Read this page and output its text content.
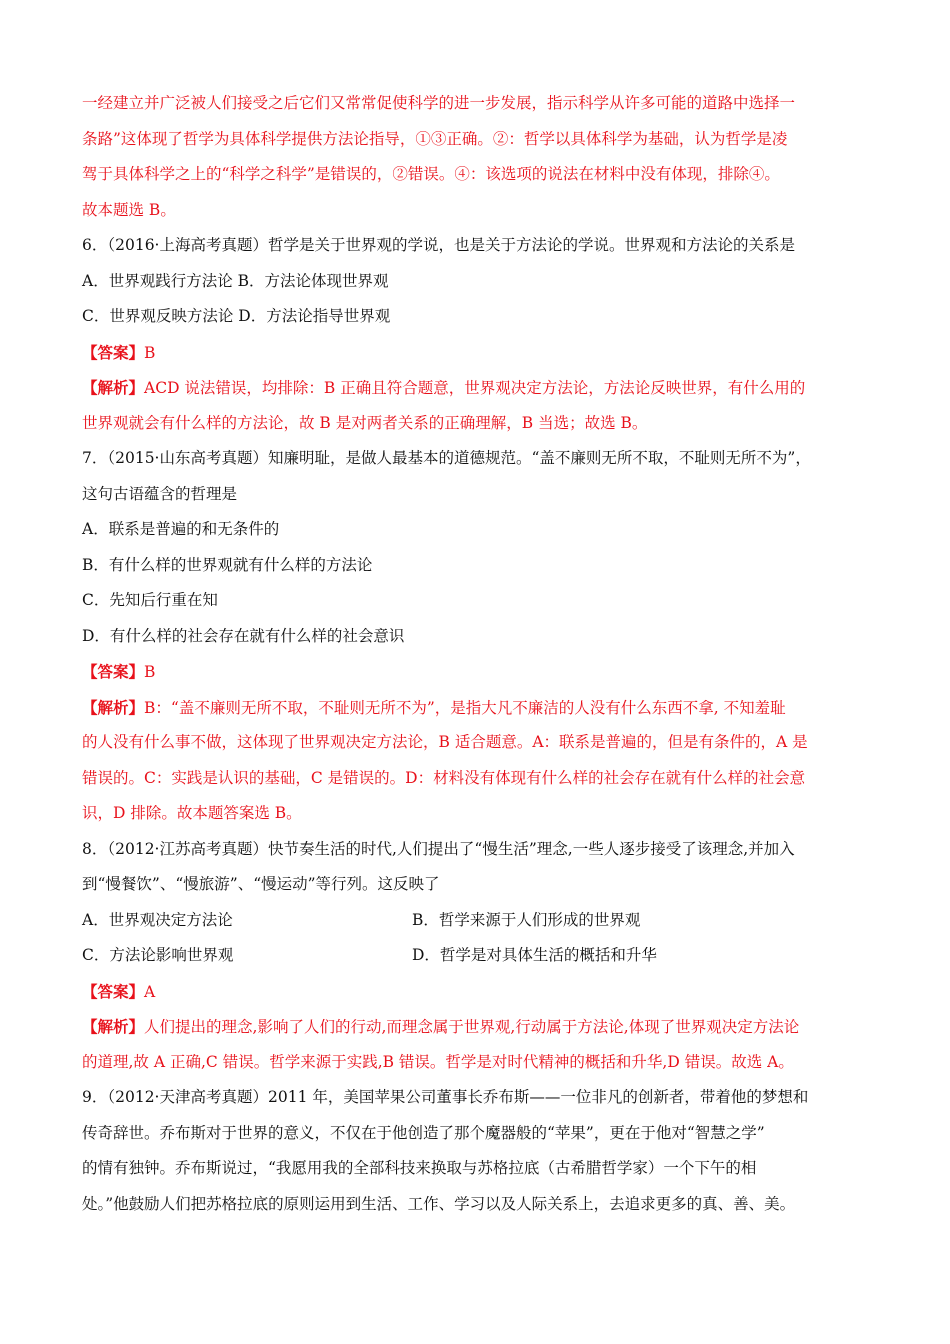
一经建立并广泛被人们接受之后它们又常常促使科学的进一步发展，指示科学从许多可能的道路中选择一
条路”这体现了哲学为具体科学提供方法论指导，①③正确。②：哲学以具体科学为基础，认为哲学是凌
驾于具体科学之上的“科学之科学”是错误的，②错误。④：该选项的说法在材料中没有体现，排除④。
故本题选 B。
6．（2016·上海高考真题）哲学是关于世界观的学说，也是关于方法论的学说。世界观和方法论的关系是
A．世界观践行方法论 B．方法论体现世界观
C．世界观反映方法论 D．方法论指导世界观
【答案】B
【解析】ACD 说法错误，均排除：B 正确且符合题意，世界观决定方法论，方法论反映世界，有什么用的
世界观就会有什么样的方法论，故 B 是对两者关系的正确理解，B 当选；故选 B。
7．（2015·山东高考真题）知廉明耻，是做人最基本的道德规范。“盖不廉则无所不取，不耻则无所不为”，
这句古语蕴含的哲理是
A．联系是普遍的和无条件的
B．有什么样的世界观就有什么样的方法论
C．先知后行重在知
D．有什么样的社会存在就有什么样的社会意识
【答案】B
【解析】B：“盖不廉则无所不取，不耻则无所不为”，是指大凡不廉洁的人没有什么东西不拿, 不知羞耻
的人没有什么事不做，这体现了世界观决定方法论，B 适合题意。A：联系是普遍的，但是有条件的，A 是
错误的。C：实践是认识的基础，C 是错误的。D：材料没有体现有什么样的社会存在就有什么样的社会意
识，D 排除。故本题答案选 B。
8．（2012·江苏高考真题）快节奏生活的时代,人们提出了“慢生活”理念,一些人逐步接受了该理念,并加入
到“慢餐饮”、“慢旅游”、“慢运动”等行列。这反映了
A．世界观决定方法论	B．哲学来源于人们形成的世界观
C．方法论影响世界观	D．哲学是对具体生活的概括和升华
【答案】A
【解析】人们提出的理念,影响了人们的行动,而理念属于世界观,行动属于方法论,体现了世界观决定方法论
的道理,故 A 正确,C 错误。哲学来源于实践,B 错误。哲学是对时代精神的概括和升华,D 错误。故选 A。
9．（2012·天津高考真题）2011 年，美国苹果公司董事长乔布斯——一位非凡的创新者，带着他的梦想和
传奇辞世。乔布斯对于世界的意义，不仅在于他创造了那个魔器般的“苹果”，更在于他对“智慧之学”
的情有独钟。乔布斯说过，“我愿用我的全部科技来换取与苏格拉底（古希腊哲学家）一个下午的相
处。”他鼓励人们把苏格拉底的原则运用到生活、工作、学习以及人际关系上，去追求更多的真、善、美。
